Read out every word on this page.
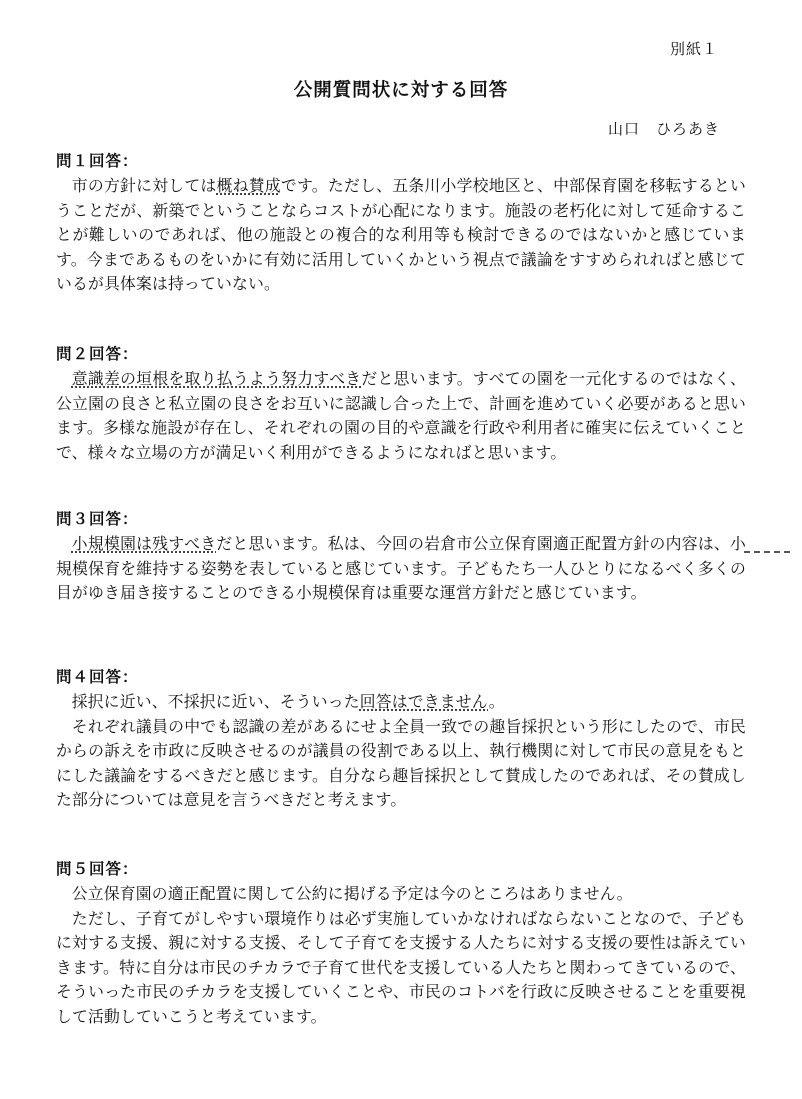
別紙１
公開質問状に対する回答
山口　ひろあき
問１回答：

市の方針に対しては概ね賛成です。ただし、五条川小学校地区と、中部保育園を移転するということだが、新築でということならコストが心配になります。施設の老朽化に対して延命することが難しいのであれば、他の施設との複合的な利用等も検討できるのではないかと感じています。今まであるものをいかに有効に活用していくかという視点で議論をすすめられればと感じているが具体案は持っていない。

問２回答：

意識差の垣根を取り払うよう努力すべきだと思います。すべての園を一元化するのではなく、公立園の良さと私立園の良さをお互いに認識し合った上で、計画を進めていく必要があると思います。多様な施設が存在し、それぞれの園の目的や意識を行政や利用者に確実に伝えていくことで、様々な立場の方が満足いく利用ができるようになればと思います。

問３回答：

小規模園は残すべきだと思います。私は、今回の岩倉市公立保育園適正配置方針の内容は、小規模保育を維持する姿勢を表していると感じています。子どもたち一人ひとりになるべく多くの目がゆき届き接することのできる小規模保育は重要な運営方針だと感じています。

問４回答：

採択に近い、不採択に近い、そういった回答はできません。

それぞれ議員の中でも認識の差があるにせよ全員一致での趣旨採択という形にしたので、市民からの訴えを市政に反映させるのが議員の役割である以上、執行機関に対して市民の意見をもとにした議論をするべきだと感じます。自分なら趣旨採択として賛成したのであれば、その賛成した部分については意見を言うべきだと考えます。

問５回答：

公立保育園の適正配置に関して公約に掲げる予定は今のところはありません。

ただし、子育てがしやすい環境作りは必ず実施していかなければならないことなので、子どもに対する支援、親に対する支援、そして子育てを支援する人たちに対する支援の要性は訴えていきます。特に自分は市民のチカラで子育て世代を支援している人たちと関わってきているので、そういった市民のチカラを支援していくことや、市民のコトバを行政に反映させることを重要視して活動していこうと考えています。
